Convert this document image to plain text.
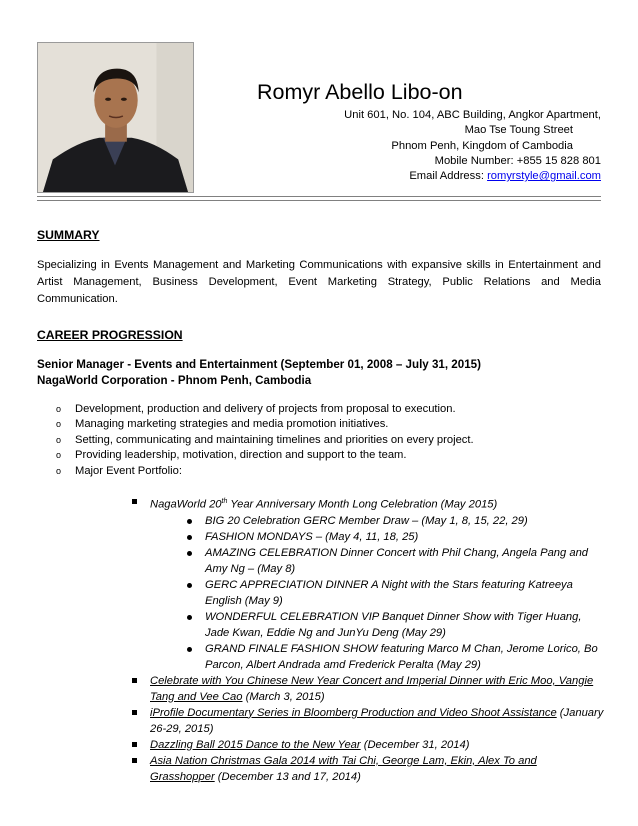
Romyr Abello Libo-on
Unit 601, No. 104, ABC Building, Angkor Apartment,
Mao Tse Toung Street
Phnom Penh, Kingdom of Cambodia
Mobile Number: +855 15 828 801
Email Address: romyrstyle@gmail.com
SUMMARY
Specializing in Events Management and Marketing Communications with expansive skills in Entertainment and Artist Management, Business Development, Event Marketing Strategy, Public Relations and Media Communication.
CAREER PROGRESSION
Senior Manager - Events and Entertainment (September 01, 2008 – July 31, 2015)
NagaWorld Corporation - Phnom Penh, Cambodia
o Development, production and delivery of projects from proposal to execution.
o Managing marketing strategies and media promotion initiatives.
o Setting, communicating and maintaining timelines and priorities on every project.
o Providing leadership, motivation, direction and support to the team.
o Major Event Portfolio:
NagaWorld 20th Year Anniversary Month Long Celebration (May 2015)
BIG 20 Celebration GERC Member Draw – (May 1, 8, 15, 22, 29)
FASHION MONDAYS – (May 4, 11, 18, 25)
AMAZING CELEBRATION Dinner Concert with Phil Chang, Angela Pang and Amy Ng – (May 8)
GERC APPRECIATION DINNER A Night with the Stars featuring Katreeya English (May 9)
WONDERFUL CELEBRATION VIP Banquet Dinner Show with Tiger Huang, Jade Kwan, Eddie Ng and JunYu Deng (May 29)
GRAND FINALE FASHION SHOW featuring Marco M Chan, Jerome Lorico, Bo Parcon, Albert Andrada amd Frederick Peralta (May 29)
Celebrate with You Chinese New Year Concert and Imperial Dinner with Eric Moo, Vangie Tang and Vee Cao (March 3, 2015)
iProfile Documentary Series in Bloomberg Production and Video Shoot Assistance (January 26-29, 2015)
Dazzling Ball 2015 Dance to the New Year (December 31, 2014)
Asia Nation Christmas Gala 2014 with Tai Chi, George Lam, Ekin, Alex To and Grasshopper (December 13 and 17, 2014)
